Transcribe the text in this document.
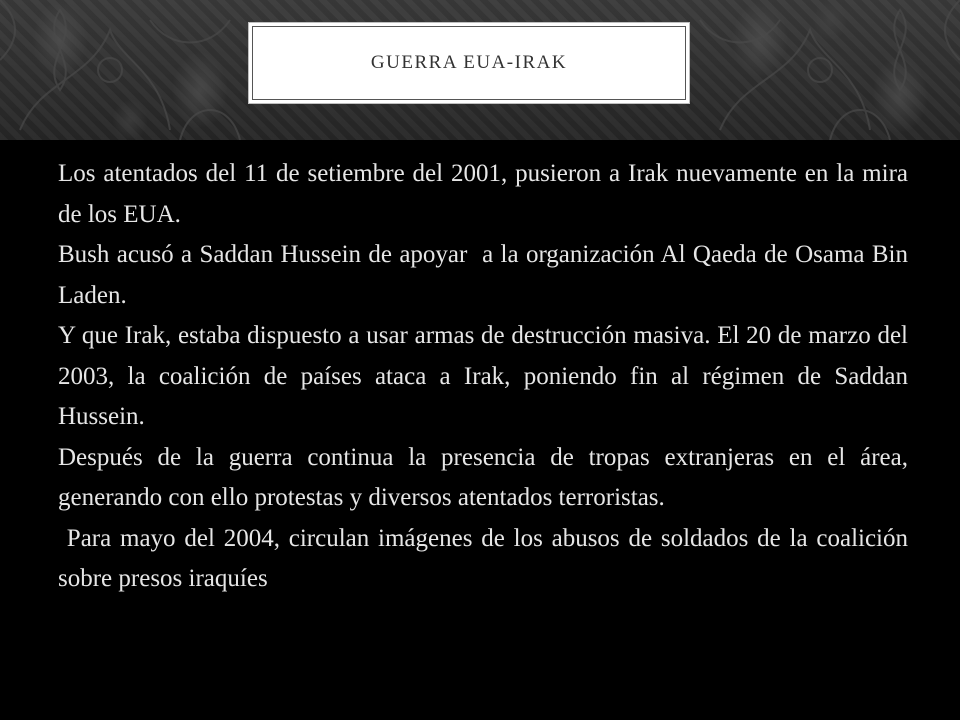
GUERRA EUA-IRAK

Los atentados del 11 de setiembre del 2001, pusieron a Irak nuevamente en la mira de los EUA.

Bush acusó a Saddan Hussein de apoyar  a la organización Al Qaeda de Osama Bin Laden.

Y que Irak, estaba dispuesto a usar armas de destrucción masiva. El 20 de marzo del 2003, la coalición de países ataca a Irak, poniendo fin al régimen de Saddan Hussein.

Después de la guerra continua la presencia de tropas extranjeras en el área, generando con ello protestas y diversos atentados terroristas.

Para mayo del 2004, circulan imágenes de los abusos de soldados de la coalición sobre presos iraquíes
